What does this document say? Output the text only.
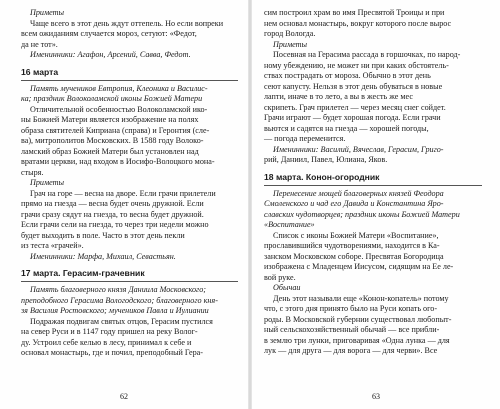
Приметы
Чаще всего в этот день ждут оттепель. Но если вопреки
всем ожиданиям случается мороз, сетуют: «Федот,
да не тот».
Именинники: Агафон, Арсений, Савва, Федот.
16 марта
Память мучеников Евтропия, Клеоника и Василис-
ка; праздник Волоколамской иконы Божией Матери
Отличительной особенностью Волоколамской ико-
ны Божией Матери является изображение на полях
образа святителей Киприана (справа) и Геронтия (сле-
ва), митрополитов Московских. В 1588 году Волоко-
ламский образ Божией Матери был установлен над
вратами церкви, над входом в Иосифо-Волоцкого мона-
стыря.
Приметы
Грач на горе — весна на дворе. Если грачи прилетели
прямо на гнезда — весна будет очень дружной. Если
грачи сразу сядут на гнезда, то весна будет дружной.
Если грачи сели на гнезда, то через три недели можно
будет выходить в поле. Часто в этот день пекли
из теста «грачей».
Именинники: Марфа, Михаил, Севастьян.
17 марта. Герасим-грачевник
Память благоверного князя Даниила Московского;
преподобного Герасима Вологодского; благоверного кня-
зя Василия Ростовского; мучеников Павла и Иулиании
Подражая подвигам святых отцов, Герасим пустился
на север Руси и в 1147 году пришел на реку Волог-
ду. Устроил себе келью в лесу, принимал к себе и
основал монастырь, где и почил, преподобный Гера-
62
сим построил храм во имя Пресвятой Троицы и при
нем основал монастырь, вокруг которого после вырос
город Вологда.
Приметы
Посевная на Герасима рассада в горшочках, по народ-
ному убеждению, не может ни при каких обстоятель-
ствах пострадать от мороза. Обычно в этот день
сеют капусту. Нельзя в этот день обуваться в новые
лапти, иначе в то лето, а вы в жесть же мес
скрипеть. Грач прилетел — через месяц снег сойдет.
Грачи играют — будет хорошая погода. Если грачи
вьются и садятся на гнезда — хорошей погоды,
— погода переменится.
Именинники: Василий, Вячеслав, Герасим, Григо-
рий, Даниил, Павел, Юлиана, Яков.
18 марта. Конон-огородник
Перенесение мощей благоверных князей Феодора
Смоленского и чад его Давида и Константина Яро-
славских чудотворцев; праздник иконы Божией Матери
«Воспитание»
Список с иконы Божией Матери «Воспитание»,
прославившийся чудотворениями, находится в Ка-
занском Московском соборе. Пресвятая Богородица
изображена с Младенцем Иисусом, сидящим на Ее ле-
вой руке.
Обычаи
День этот называли еще «Конон-копатель» потому
что, с этого дня принято было на Руси копать ого-
роды. В Московской губернии существовал любопыт-
ный сельскохозяйственный обычай — все прибли-
в землю три лунки, приговаривая «Одна лунка — для
лук — для друга — для ворога — для черви». Все
63
